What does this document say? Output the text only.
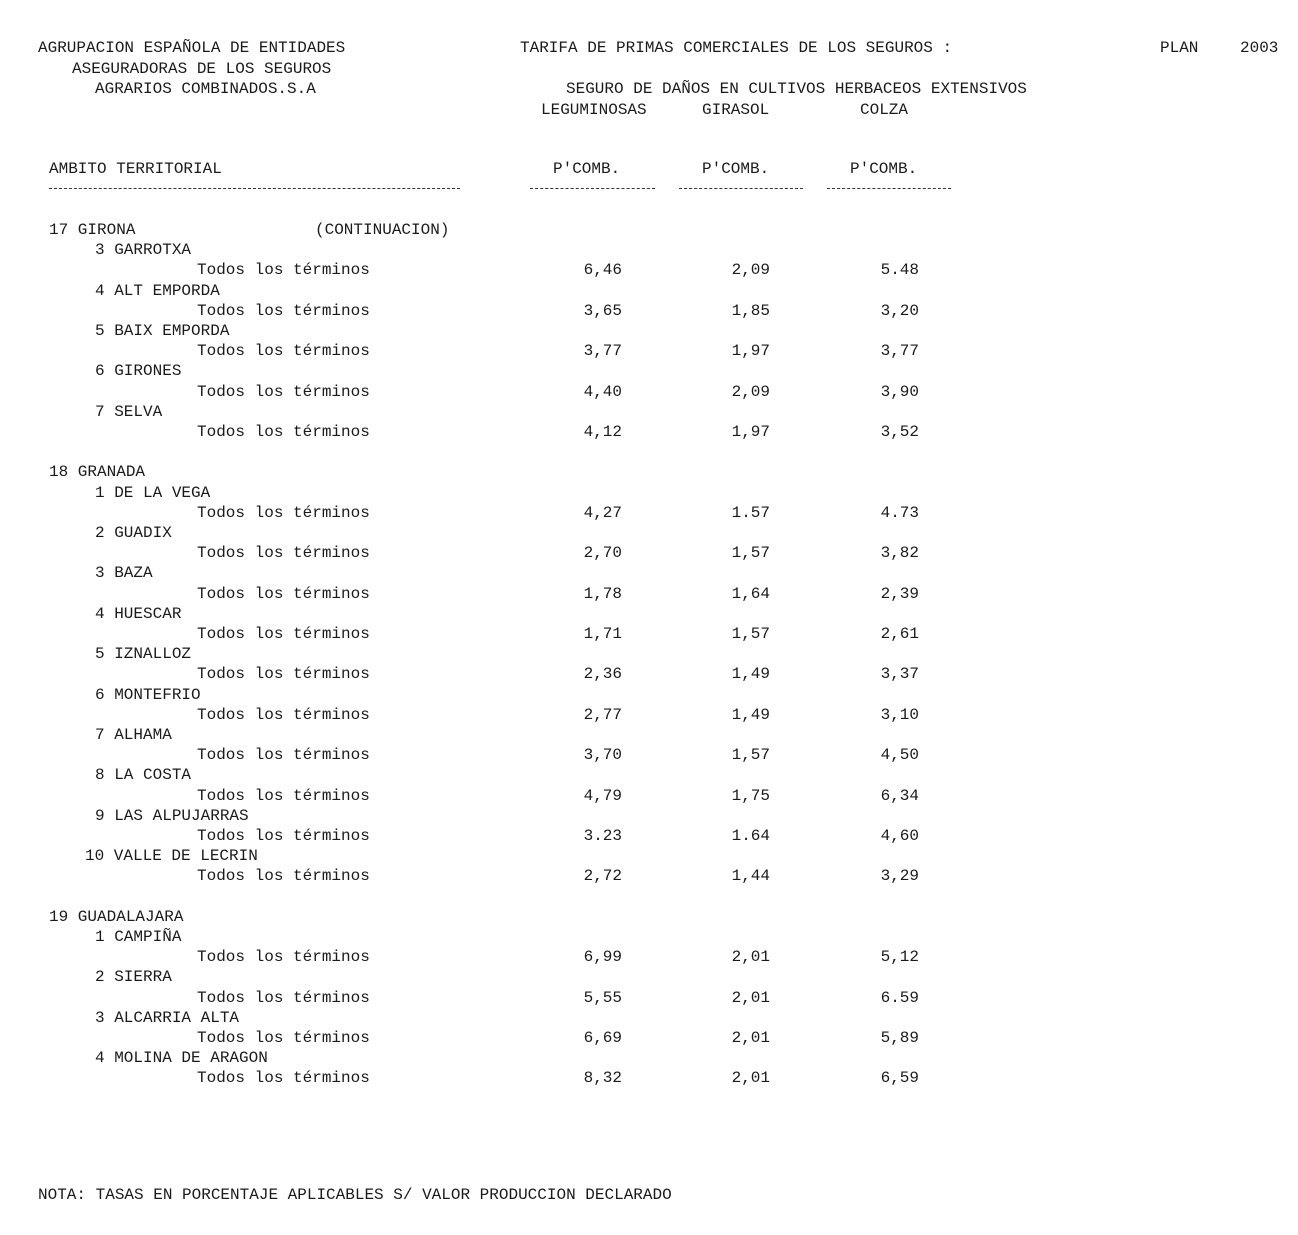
AGRUPACION ESPAÑOLA DE ENTIDADES
ASEGURADORAS DE LOS SEGUROS
AGRARIOS COMBINADOS.S.A
TARIFA DE PRIMAS COMERCIALES DE LOS SEGUROS :	PLAN	2003
SEGURO DE DAÑOS EN CULTIVOS HERBACEOS EXTENSIVOS
LEGUMINOSAS	GIRASOL	COLZA
AMBITO TERRITORIAL	P'COMB.	P'COMB.	P'COMB.
17 GIRONA	(CONTINUACION)
3 GARROTXA
Todos los términos	6,46	2,09	5.48
4 ALT EMPORDA
Todos los términos	3,65	1,85	3,20
5 BAIX EMPORDA
Todos los términos	3,77	1,97	3,77
6 GIRONES
Todos los términos	4,40	2,09	3,90
7 SELVA
Todos los términos	4,12	1,97	3,52
18 GRANADA
1 DE LA VEGA
Todos los términos	4,27	1.57	4.73
2 GUADIX
Todos los términos	2,70	1,57	3,82
3 BAZA
Todos los términos	1,78	1,64	2,39
4 HUESCAR
Todos los términos	1,71	1,57	2,61
5 IZNALLOZ
Todos los términos	2,36	1,49	3,37
6 MONTEFRIO
Todos los términos	2,77	1,49	3,10
7 ALHAMA
Todos los términos	3,70	1,57	4,50
8 LA COSTA
Todos los términos	4,79	1,75	6,34
9 LAS ALPUJARRAS
Todos los términos	3.23	1.64	4,60
10 VALLE DE LECRIN
Todos los términos	2,72	1,44	3,29
19 GUADALAJARA
1 CAMPIÑA
Todos los términos	6,99	2,01	5,12
2 SIERRA
Todos los términos	5,55	2,01	6.59
3 ALCARRIA ALTA
Todos los términos	6,69	2,01	5,89
4 MOLINA DE ARAGON
Todos los términos	8,32	2,01	6,59
NOTA: TASAS EN PORCENTAJE APLICABLES S/ VALOR PRODUCCION DECLARADO
